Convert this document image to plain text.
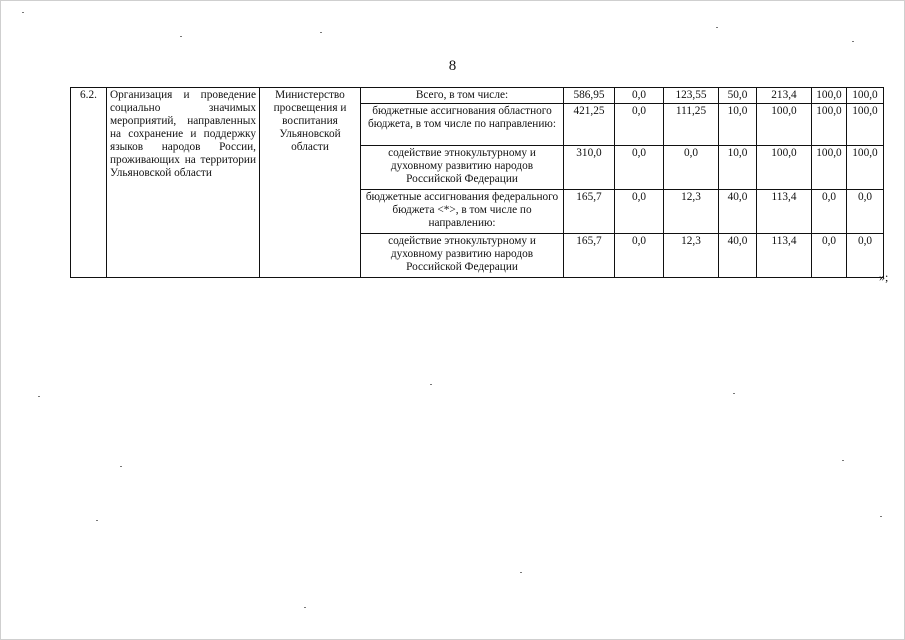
8
6.2.	Организация и проведение социально значимых мероприятий, направленных на сохранение и поддержку языков народов России, проживающих на территории Ульяновской области	Министерство просвещения и воспитания Ульяновской области	Всего, в том числе:	586,95	0,0	123,55	50,0	213,4	100,0	100,0
			бюджетные ассигнования областного бюджета, в том числе по направлению:	421,25	0,0	111,25	10,0	100,0	100,0	100,0
			содействие этнокультурному и духовному развитию народов Российской Федерации	310,0	0,0	0,0	10,0	100,0	100,0	100,0
			бюджетные ассигнования федерального бюджета <*>, в том числе по направлению:	165,7	0,0	12,3	40,0	113,4	0,0	0,0
			содействие этнокультурному и духовному развитию народов Российской Федерации	165,7	0,0	12,3	40,0	113,4	0,0	0,0
»;
